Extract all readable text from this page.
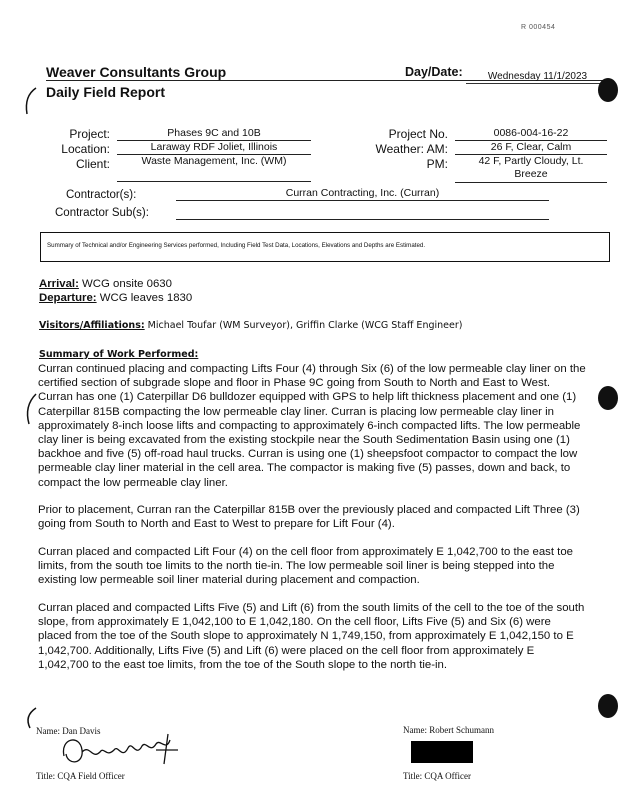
R 000454
Weaver Consultants Group
Daily Field Report
Day/Date:	Wednesday 11/1/2023
Project:	Phases 9C and 10B
Location:	Laraway RDF Joliet, Illinois
Client:	Waste Management, Inc. (WM)
Project No.	0086-004-16-22
Weather: AM:	26 F, Clear, Calm
PM:	42 F, Partly Cloudy, Lt.
Breeze
Contractor(s):	Curran Contracting, Inc. (Curran)
Contractor Sub(s):
Summary of Technical and/or Engineering Services performed, Including Field Test Data, Locations, Elevations and Depths are Estimated.
Arrival: WCG onsite 0630
Departure: WCG leaves 1830
Visitors/Affiliations: Michael Toufar (WM Surveyor), Griffin Clarke (WCG Staff Engineer)
Summary of Work Performed:
Curran continued placing and compacting Lifts Four (4) through Six (6) of the low permeable clay liner on the certified section of subgrade slope and floor in Phase 9C going from South to North and East to West. Curran has one (1) Caterpillar D6 bulldozer equipped with GPS to help lift thickness placement and one (1) Caterpillar 815B compacting the low permeable clay liner. Curran is placing low permeable clay liner in approximately 8-inch loose lifts and compacting to approximately 6-inch compacted lifts. The low permeable clay liner is being excavated from the existing stockpile near the South Sedimentation Basin using one (1) backhoe and five (5) off-road haul trucks. Curran is using one (1) sheepsfoot compactor to compact the low permeable clay liner material in the cell area. The compactor is making five (5) passes, down and back, to compact the low permeable clay liner.
Prior to placement, Curran ran the Caterpillar 815B over the previously placed and compacted Lift Three (3) going from South to North and East to West to prepare for Lift Four (4).
Curran placed and compacted Lift Four (4) on the cell floor from approximately E 1,042,700 to the east toe limits, from the south toe limits to the north tie-in. The low permeable soil liner is being stepped into the existing low permeable soil liner material during placement and compaction.
Curran placed and compacted Lifts Five (5) and Lift (6) from the south limits of the cell to the toe of the south slope, from approximately E 1,042,100 to E 1,042,180. On the cell floor, Lifts Five (5) and Six (6) were placed from the toe of the South slope to approximately N 1,749,150, from approximately E 1,042,150 to E 1,042,700. Additionally, Lifts Five (5) and Lift (6) were placed on the cell floor from approximately E 1,042,700 to the east toe limits, from the toe of the South slope to the north tie-in.
Name: Dan Davis
Title: CQA Field Officer
Name: Robert Schumann
Title: CQA Officer
